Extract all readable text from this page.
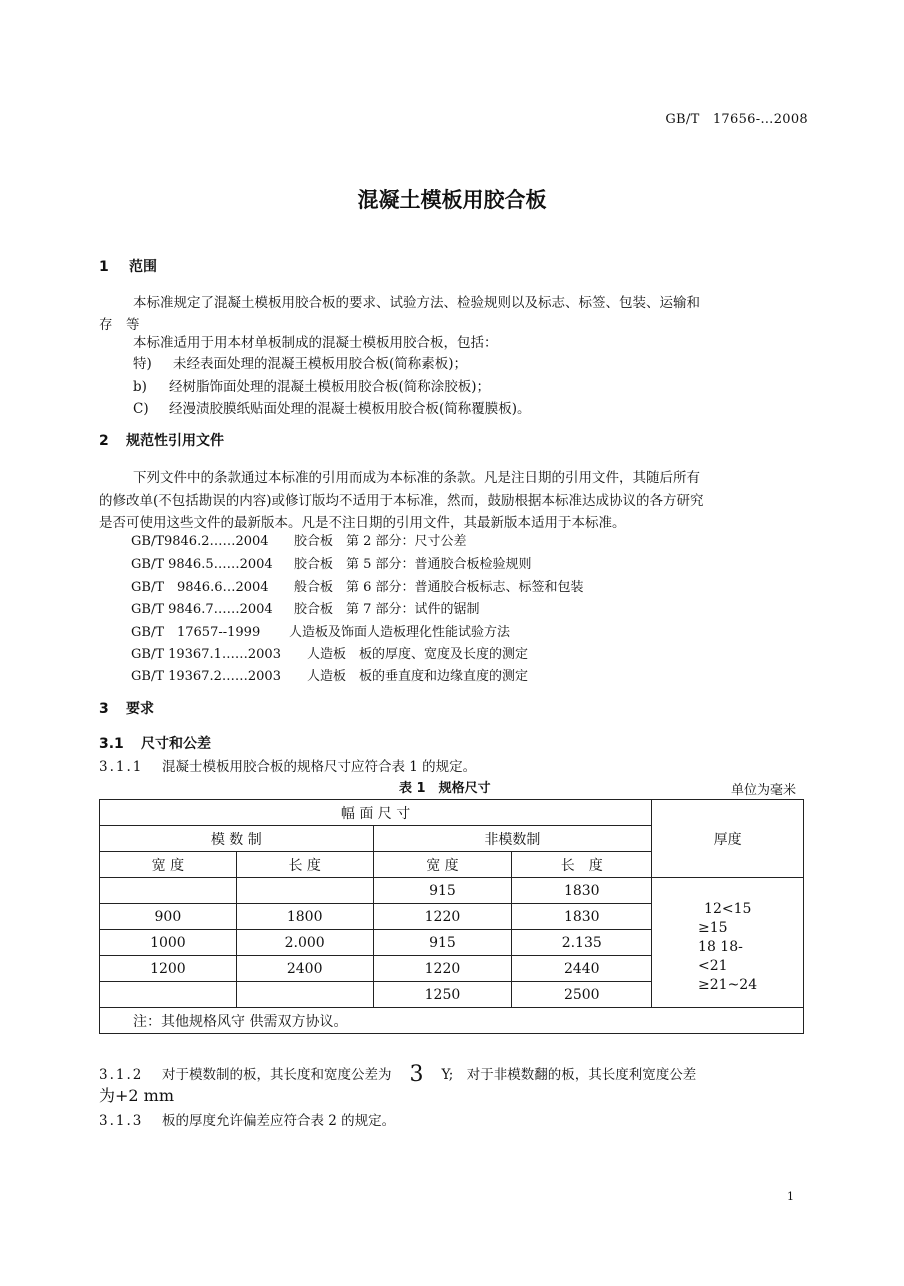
GB/T　17656-…2008
混凝土模板用胶合板
1 范围
本标准规定了混凝土模板用胶合板的要求、试验方法、检验规则以及标志、标签、包装、运输和
存　等
本标准适用于用本材单板制成的混凝士模板用胶合板，包括：
特) 未经表面处理的混凝王模板用胶合板(简称素板)；
b) 经树脂饰面处理的混凝土模板用胶合板(简称涂胶板)；
C) 经漫渍胶膜纸贴面处理的混凝士模板用胶合板(简称覆膜板)。
2 规范性引用文件
下列文件中的条款通过本标准的引用而成为本标准的条款。凡是注日期的引用文件，其随后所有
的修改单(不包括勘误的内容)或修订版均不适用于本标准，然而，鼓励根据本标准达成协议的各方研究
是否可使用这些文件的最新版本。凡是不注日期的引用文件，其最新版本适用于本标准。
GB/T9846.2……2004 胶合板　第 2 部分：尺寸公差
GB/T 9846.5……2004 胶合板　第 5 部分：普通胶合板检验规则
GB/T　9846.6…2004 般合板　第 6 部分：普通胶合板标志、标签和包装
GB/T 9846.7……2004 胶合板　第 7 部分：试件的锯制
GB/T　17657--1999 人造板及饰面人造板理化性能试验方法
GB/T 19367.1……2003 人造板　板的厚度、宽度及长度的测定
GB/T 19367.2……2003 人造板　板的垂直度和边缘直度的测定
3 要求
3.1 尺寸和公差
3.1.1 混凝士模板用胶合板的规格尺寸应符合表 1 的规定。
表 1　规格尺寸	单位为毫米
幅 面 尺 寸				厚度
模 数 制		非模数制		
宽 度	长 度	宽 度	长　度	
		915	1830	12<15
≥15
18 18-
<21
≥21~24

900	1800	1220	1830	
1000	2.000	915	2.135	
1200	2400	1220	2440	
		1250	2500	
注：其他规格风守 供需双方协议。				
3.1.2 对于模数制的板，其长度和宽度公差为 3 Y;　对于非模数翻的板，其长度利宽度公差
为+2 mm
3.1.3 板的厚度允许偏差应符合表 2 的规定。
1
